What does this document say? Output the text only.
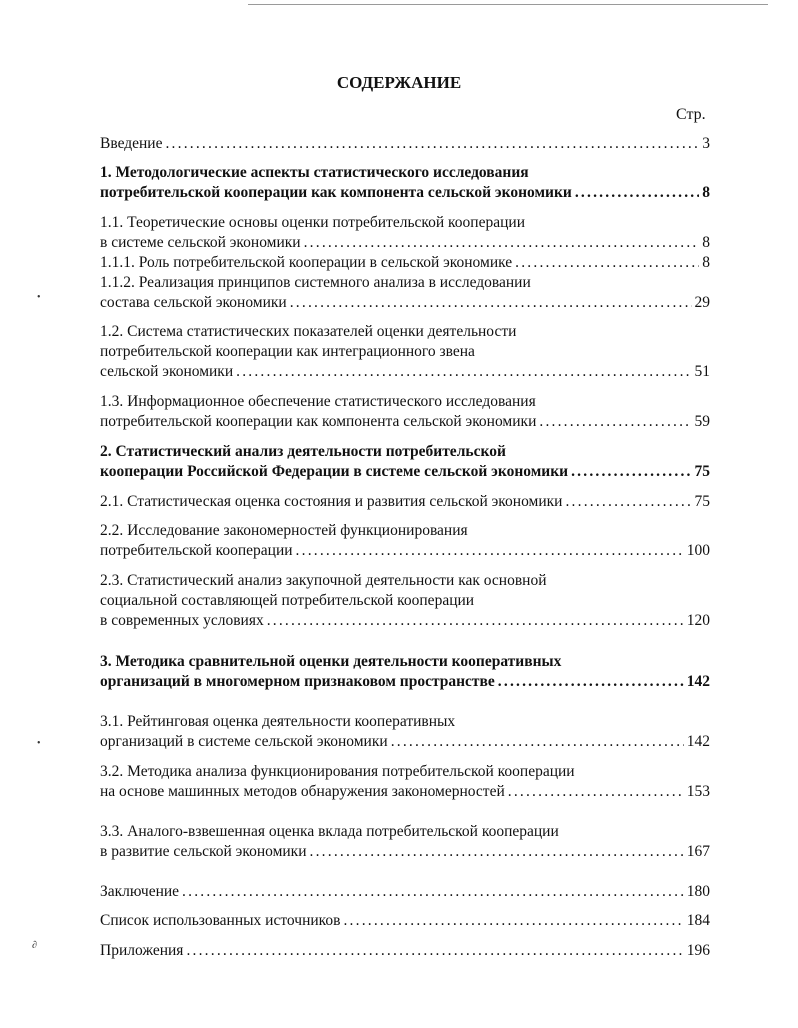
СОДЕРЖАНИЕ
Стр.
•
•
∂
Введение .....	3
1. Методологические аспекты статистического исследования
потребительской кооперации как компонента сельской экономики .....	8
1.1. Теоретические основы оценки потребительской кооперации
в системе сельской экономики .....	8
1.1.1. Роль потребительской кооперации в сельской экономике .....	8
1.1.2. Реализация принципов системного анализа в исследовании
состава сельской экономики .....	29
1.2. Система статистических показателей оценки деятельности
потребительской кооперации как интеграционного звена
сельской экономики .....	51
1.3. Информационное обеспечение статистического исследования
потребительской кооперации как компонента сельской экономики .....	59
2. Статистический анализ деятельности потребительской
кооперации Российской Федерации в системе сельской экономики .....	75
2.1. Статистическая оценка состояния и развития сельской экономики .....	75
2.2. Исследование закономерностей функционирования
потребительской кооперации .....	100
2.3. Статистический анализ закупочной деятельности как основной
социальной составляющей потребительской кооперации
в современных условиях .....	120
3. Методика сравнительной оценки деятельности кооперативных
организаций в многомерном признаковом пространстве .....	142
3.1. Рейтинговая оценка деятельности кооперативных
организаций в системе сельской экономики .....	142
3.2. Методика анализа функционирования потребительской кооперации
на основе машинных методов обнаружения закономерностей .....	153
3.3. Аналого-взвешенная оценка вклада потребительской кооперации
в развитие сельской экономики .....	167
Заключение .....	180
Список использованных источников .....	184
Приложения .....	196
